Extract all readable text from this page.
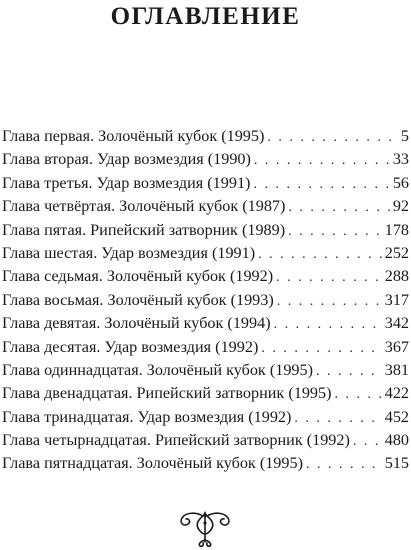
ОГЛАВЛЕНИЕ
Глава первая. Золочёный кубок (1995) . . .	5
Глава вторая. Удар возмездия (1990) . . .	33
Глава третья. Удар возмездия (1991) . . .	56
Глава четвёртая. Золочёный кубок (1987) . . .	92
Глава пятая. Рипейский затворник (1989) . . .	178
Глава шестая. Удар возмездия (1991) . . .	252
Глава седьмая. Золочёный кубок (1992) . . .	288
Глава восьмая. Золочёный кубок (1993) . . .	317
Глава девятая. Золочёный кубок (1994) . . .	342
Глава десятая. Удар возмездия (1992) . . .	367
Глава одиннадцатая. Золочёный кубок (1995) . . .	381
Глава двенадцатая. Рипейский затворник (1995) . . .	422
Глава тринадцатая. Удар возмездия (1992) . . .	452
Глава четырнадцатая. Рипейский затворник (1992) . . . 480
Глава пятнадцатая. Золочёный кубок (1995) . . .	515
